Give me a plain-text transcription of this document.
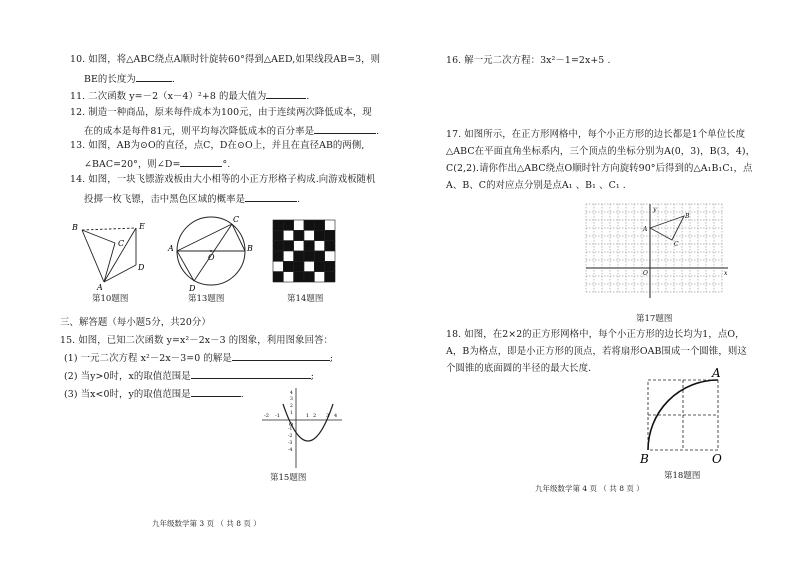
10. 如图，将△ABC绕点A顺时针旋转60°得到△AED,如果线段AB=3，则
BE的长度为	.
11. 二次函数 y=－2（x－4）²+8 的最大值为	.
12. 制造一种商品，原来每件成本为100元，由于连续两次降低成本，现
在的成本是每件81元，则平均每次降低成本的百分率是	.
13. 如图，AB为⊙O的直径，点C，D在⊙O上，并且在直径AB的两侧,
∠BAC=20°，则∠D=	°.
14. 如图，一块飞镖游戏板由大小相等的小正方形格子构成.向游戏板随机
投掷一枚飞镖，击中黑色区域的概率是	.
B	E
C
D
A
第10题图
C
A
O
B
D
第13题图	第14题图
三、解答题（每小题5分，共20分）
15. 如图，已知二次函数 y=x²－2x－3 的图象，利用图象回答：
(1) 一元二次方程 x²－2x－3=0 的解是	;
(2) 当y>0时，x的取值范围是	;
(3) 当x<0时，y的取值范围是	.
-2 -1
O
1 2 3 4
4
3
2
1
-1
-2
-3
-4
第15题图
九年级数学第 3 页 （ 共 8 页 ）
16. 解一元二次方程：3x²－1=2x+5 .
17. 如图所示，在正方形网格中，每个小正方形的边长都是1个单位长度
△ABC在平面直角坐标系内，三个顶点的坐标分别为A(0，3)，B(3，4)，
C(2,2).请你作出△ABC绕点O顺时针方向旋转90°后得到的△A₁B₁C₁，点
A、B、C的对应点分别是点A₁ 、B₁ 、C₁ .
y
B
A
C
O	x
第17题图
18. 如图，在2×2的正方形网格中，每个小正方形的边长均为1，点O，
A，B为格点，即是小正方形的顶点，若将扇形OAB围成一个圆锥，则这
个圆锥的底面圆的半径的最大长度.	A
B	O
第18题图
九年级数学第 4 页 （ 共 8 页 ）
